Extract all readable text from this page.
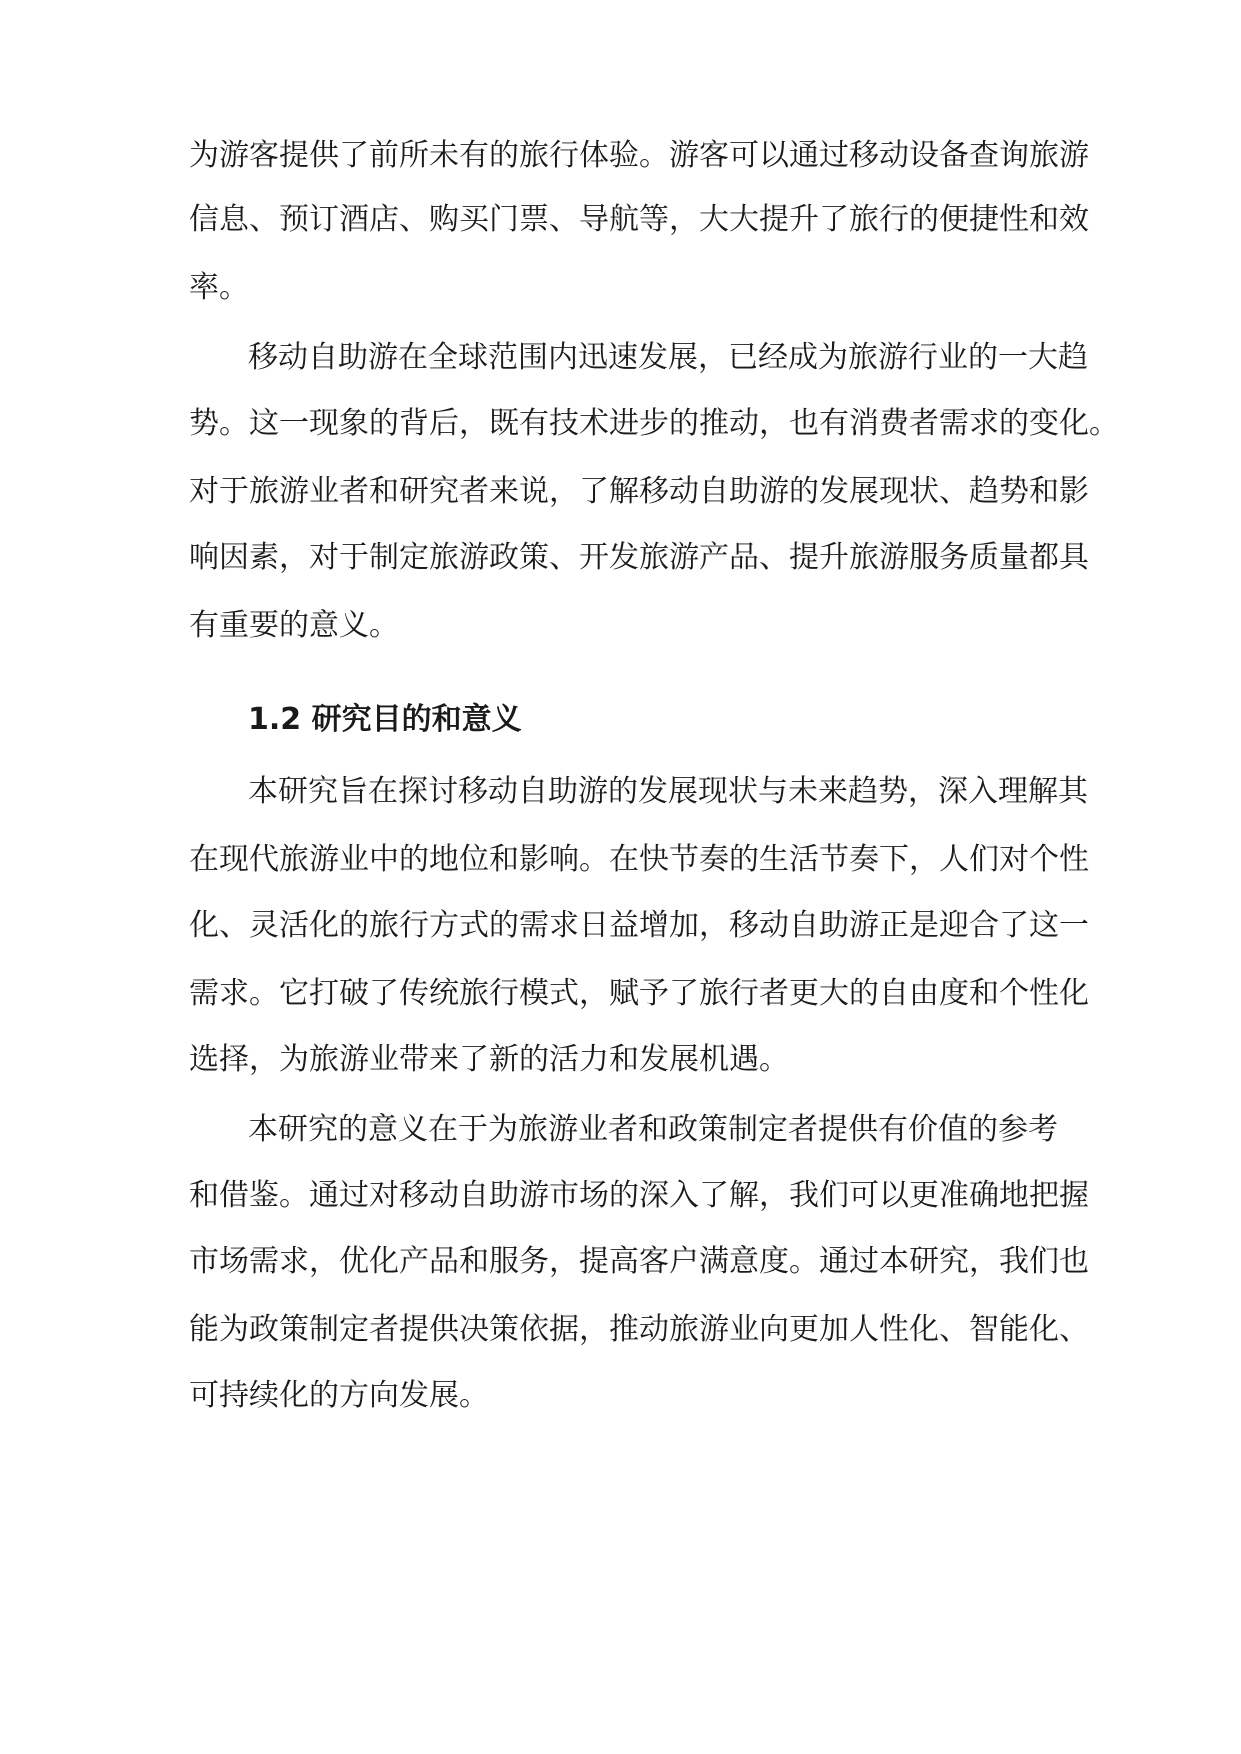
为游客提供了前所未有的旅行体验。游客可以通过移动设备查询旅游
信息、预订酒店、购买门票、导航等，大大提升了旅行的便捷性和效
率。
移动自助游在全球范围内迅速发展，已经成为旅游行业的一大趋
势。这一现象的背后，既有技术进步的推动，也有消费者需求的变化。
对于旅游业者和研究者来说，了解移动自助游的发展现状、趋势和影
响因素，对于制定旅游政策、开发旅游产品、提升旅游服务质量都具
有重要的意义。
1.2 研究目的和意义
本研究旨在探讨移动自助游的发展现状与未来趋势，深入理解其
在现代旅游业中的地位和影响。在快节奏的生活节奏下，人们对个性
化、灵活化的旅行方式的需求日益增加，移动自助游正是迎合了这一
需求。它打破了传统旅行模式，赋予了旅行者更大的自由度和个性化
选择，为旅游业带来了新的活力和发展机遇。
本研究的意义在于为旅游业者和政策制定者提供有价值的参考
和借鉴。通过对移动自助游市场的深入了解，我们可以更准确地把握
市场需求，优化产品和服务，提高客户满意度。通过本研究，我们也
能为政策制定者提供决策依据，推动旅游业向更加人性化、智能化、
可持续化的方向发展。
